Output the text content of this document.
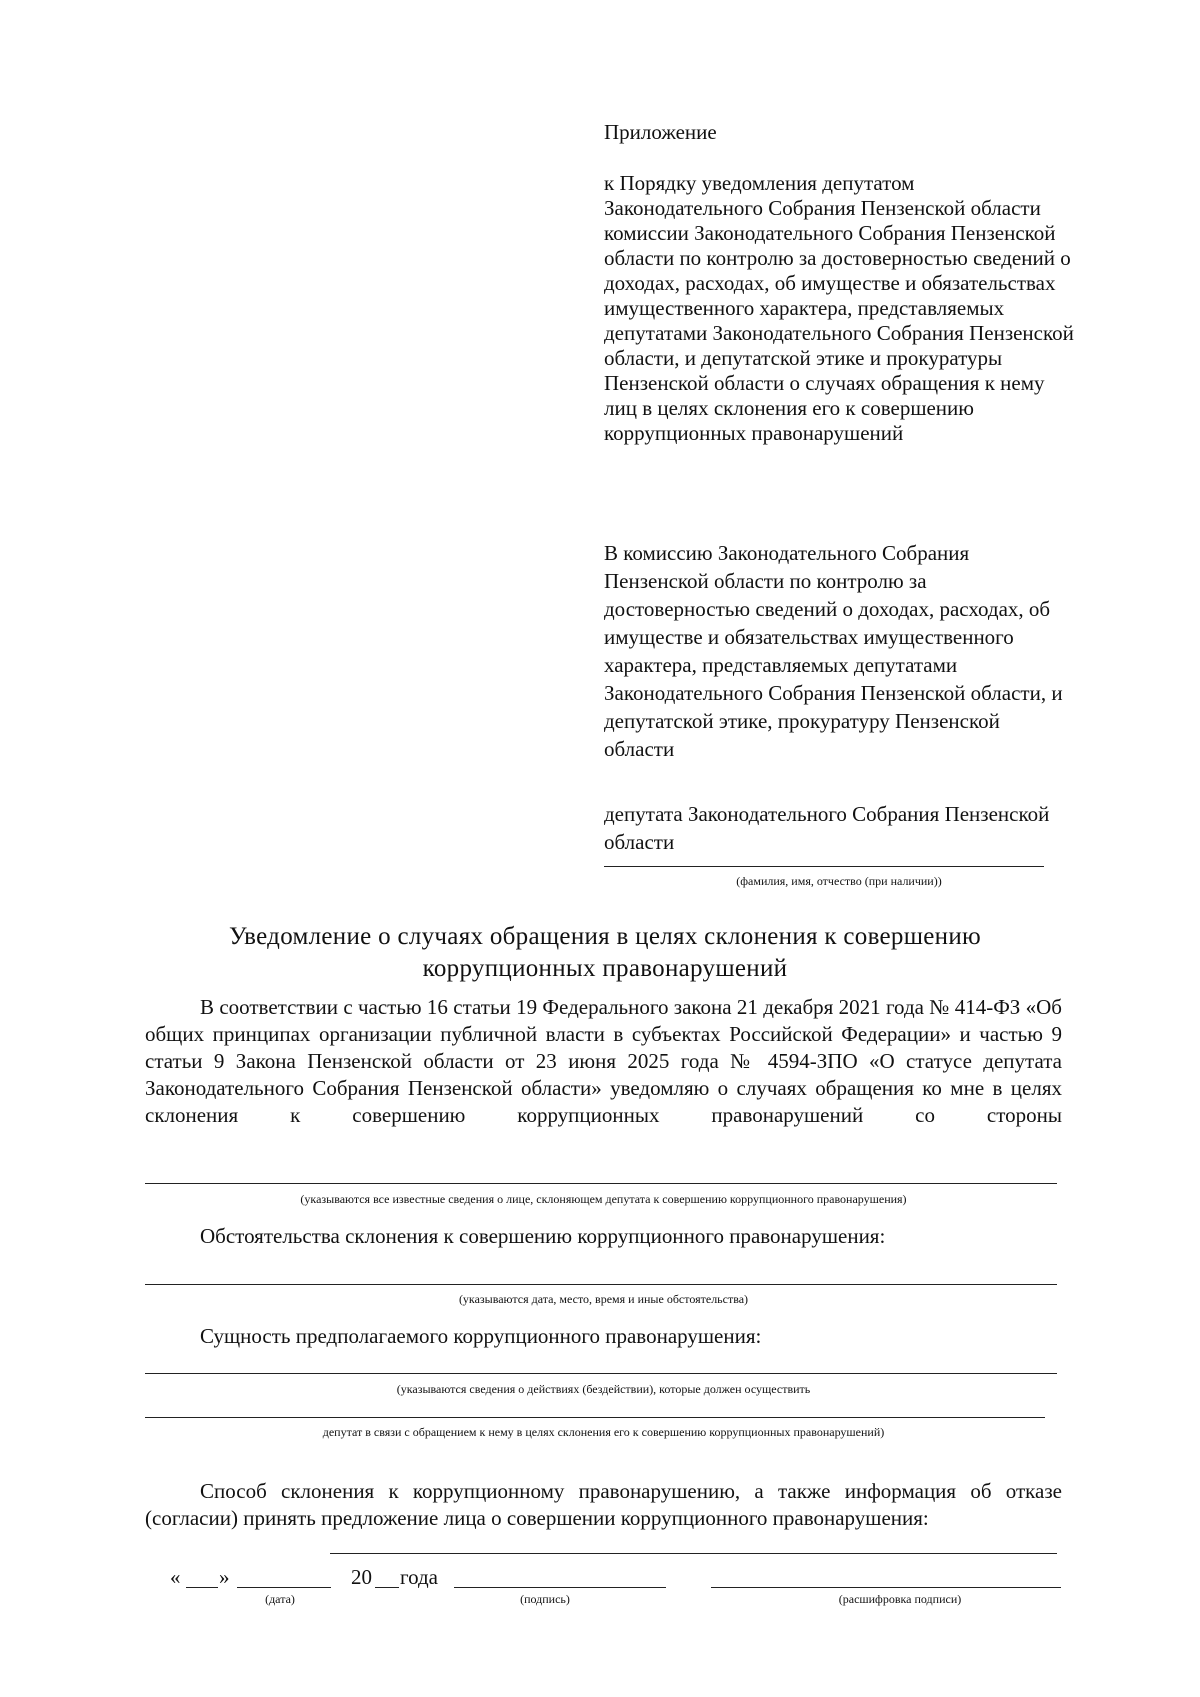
Приложение

к Порядку уведомления депутатом Законодательного Собрания Пензенской области комиссии Законодательного Собрания Пензенской области по контролю за достоверностью сведений о доходах, расходах, об имуществе и обязательствах имущественного характера, представляемых депутатами Законодательного Собрания Пензенской области, и депутатской этике и прокуратуры Пензенской области о случаях обращения к нему лиц в целях склонения его к совершению коррупционных правонарушений

В комиссию Законодательного Собрания Пензенской области по контролю за достоверностью сведений о доходах, расходах, об имуществе и обязательствах имущественного характера, представляемых депутатами Законодательного Собрания Пензенской области, и депутатской этике, прокуратуру Пензенской области

депутата Законодательного Собрания Пензенской области

(фамилия, имя, отчество (при наличии))
Уведомление о случаях обращения в целях склонения к совершению коррупционных правонарушений

В соответствии с частью 16 статьи 19 Федерального закона 21 декабря 2021 года № 414-ФЗ «Об общих принципах организации публичной власти в субъектах Российской Федерации» и частью 9 статьи 9 Закона Пензенской области от 23 июня 2025 года № 4594-ЗПО «О статусе депутата Законодательного Собрания Пензенской области» уведомляю о случаях обращения ко мне в целях склонения к совершению коррупционных правонарушений со стороны

(указываются все известные сведения о лице, склоняющем депутата к совершению коррупционного правонарушения)
Обстоятельства склонения к совершению коррупционного правонарушения:
(указываются дата, место, время и иные обстоятельства)
Сущность предполагаемого коррупционного правонарушения:
(указываются сведения о действиях (бездействии), которые должен осуществить
депутат в связи с обращением к нему в целях склонения его к совершению коррупционных правонарушений)

Способ склонения к коррупционному правонарушению, а также информация об отказе (согласии) принять предложение лица о совершении коррупционного правонарушения:

« »	20 года
(дата)	(подпись)	(расшифровка подписи)
